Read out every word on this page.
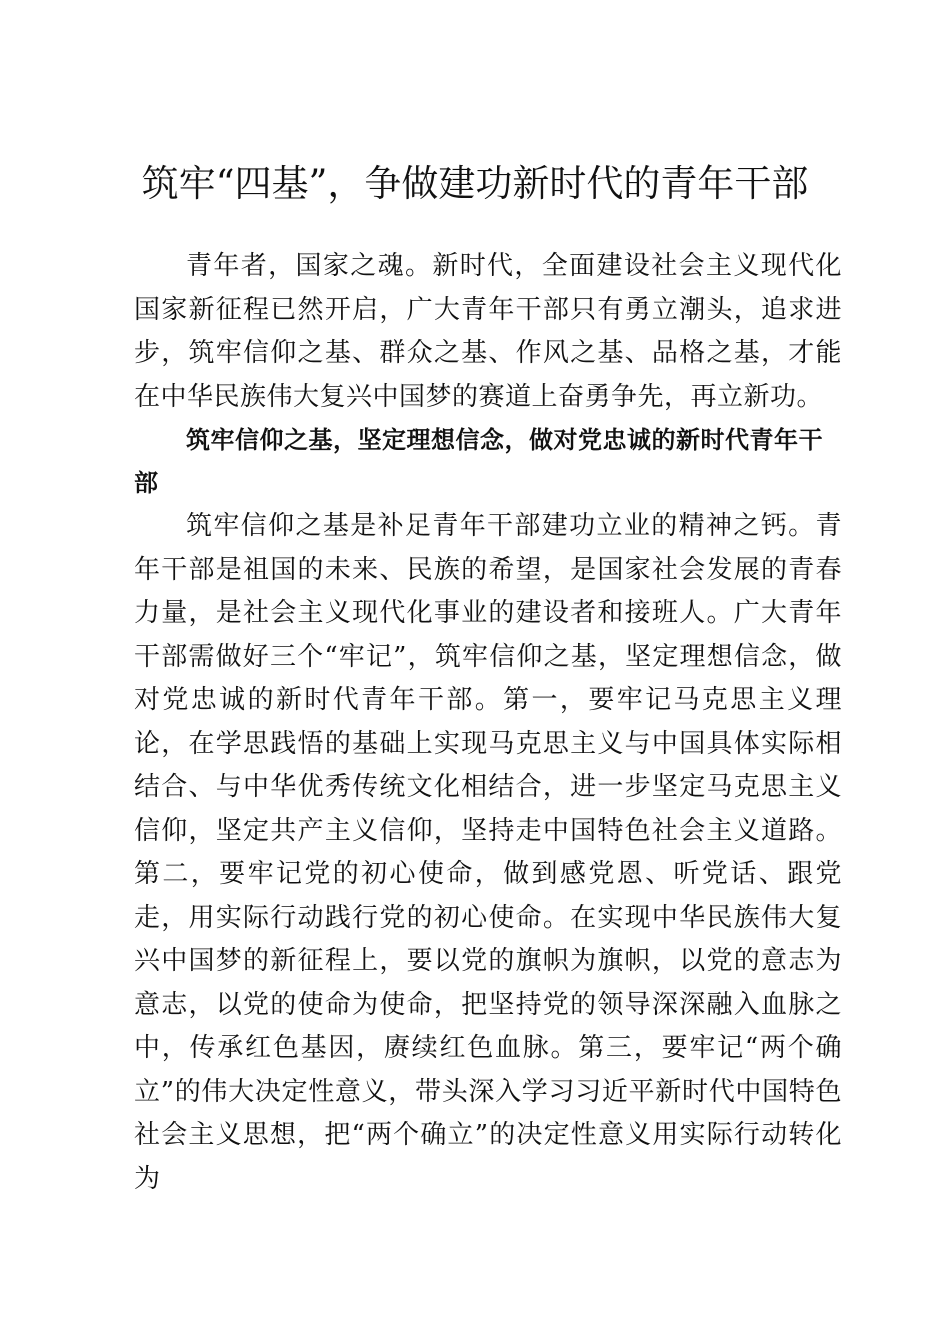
筑牢“四基”，争做建功新时代的青年干部

青年者，国家之魂。新时代，全面建设社会主义现代化国家新征程已然开启，广大青年干部只有勇立潮头，追求进步，筑牢信仰之基、群众之基、作风之基、品格之基，才能在中华民族伟大复兴中国梦的赛道上奋勇争先，再立新功。

筑牢信仰之基，坚定理想信念，做对党忠诚的新时代青年干部

筑牢信仰之基是补足青年干部建功立业的精神之钙。青年干部是祖国的未来、民族的希望，是国家社会发展的青春力量，是社会主义现代化事业的建设者和接班人。广大青年干部需做好三个“牢记”，筑牢信仰之基，坚定理想信念，做对党忠诚的新时代青年干部。第一，要牢记马克思主义理论，在学思践悟的基础上实现马克思主义与中国具体实际相结合、与中华优秀传统文化相结合，进一步坚定马克思主义信仰，坚定共产主义信仰，坚持走中国特色社会主义道路。第二，要牢记党的初心使命，做到感党恩、听党话、跟党走，用实际行动践行党的初心使命。在实现中华民族伟大复兴中国梦的新征程上，要以党的旗帜为旗帜，以党的意志为意志，以党的使命为使命，把坚持党的领导深深融入血脉之中，传承红色基因，赓续红色血脉。第三，要牢记“两个确立”的伟大决定性意义，带头深入学习习近平新时代中国特色社会主义思想，把“两个确立”的决定性意义用实际行动转化为
